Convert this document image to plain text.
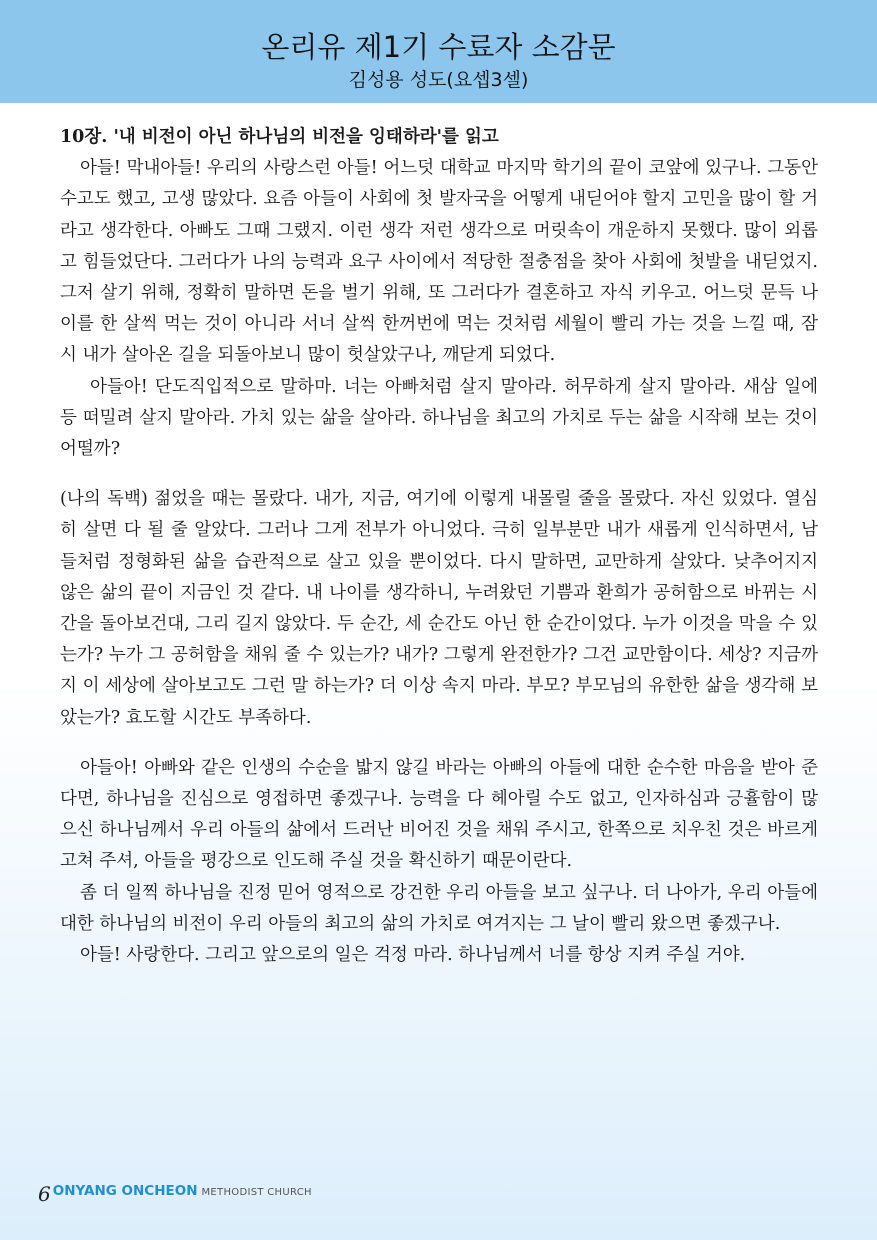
온리유 제1기 수료자 소감문
김성용 성도(요셉3셀)

10장. '내 비전이 아닌 하나님의 비전을 잉태하라'를 읽고

아들! 막내아들! 우리의 사랑스런 아들! 어느덧 대학교 마지막 학기의 끝이 코앞에 있구나. 그동안 수고도 했고, 고생 많았다. 요즘 아들이 사회에 첫 발자국을 어떻게 내딛어야 할지 고민을 많이 할 거라고 생각한다. 아빠도 그때 그랬지. 이런 생각 저런 생각으로 머릿속이 개운하지 못했다. 많이 외롭고 힘들었단다. 그러다가 나의 능력과 요구 사이에서 적당한 절충점을 찾아 사회에 첫발을 내딛었지. 그저 살기 위해, 정확히 말하면 돈을 벌기 위해, 또 그러다가 결혼하고 자식 키우고. 어느덧 문득 나이를 한 살씩 먹는 것이 아니라 서너 살씩 한꺼번에 먹는 것처럼 세월이 빨리 가는 것을 느낄 때, 잠시 내가 살아온 길을 되돌아보니 많이 헛살았구나, 깨닫게 되었다.

아들아! 단도직입적으로 말하마. 너는 아빠처럼 살지 말아라. 허무하게 살지 말아라. 새삼 일에 등 떠밀려 살지 말아라. 가치 있는 삶을 살아라. 하나님을 최고의 가치로 두는 삶을 시작해 보는 것이 어떨까?

(나의 독백) 젊었을 때는 몰랐다. 내가, 지금, 여기에 이렇게 내몰릴 줄을 몰랐다. 자신 있었다. 열심히 살면 다 될 줄 알았다. 그러나 그게 전부가 아니었다. 극히 일부분만 내가 새롭게 인식하면서, 남들처럼 정형화된 삶을 습관적으로 살고 있을 뿐이었다. 다시 말하면, 교만하게 살았다. 낮추어지지 않은 삶의 끝이 지금인 것 같다. 내 나이를 생각하니, 누려왔던 기쁨과 환희가 공허함으로 바뀌는 시간을 돌아보건대, 그리 길지 않았다. 두 순간, 세 순간도 아닌 한 순간이었다. 누가 이것을 막을 수 있는가? 누가 그 공허함을 채워 줄 수 있는가? 내가? 그렇게 완전한가? 그건 교만함이다. 세상? 지금까지 이 세상에 살아보고도 그런 말 하는가? 더 이상 속지 마라. 부모? 부모님의 유한한 삶을 생각해 보았는가? 효도할 시간도 부족하다.

아들아! 아빠와 같은 인생의 수순을 밟지 않길 바라는 아빠의 아들에 대한 순수한 마음을 받아 준다면, 하나님을 진심으로 영접하면 좋겠구나. 능력을 다 헤아릴 수도 없고, 인자하심과 긍휼함이 많으신 하나님께서 우리 아들의 삶에서 드러난 비어진 것을 채워 주시고, 한쪽으로 치우친 것은 바르게 고쳐 주셔, 아들을 평강으로 인도해 주실 것을 확신하기 때문이란다.

좀 더 일찍 하나님을 진정 믿어 영적으로 강건한 우리 아들을 보고 싶구나. 더 나아가, 우리 아들에 대한 하나님의 비전이 우리 아들의 최고의 삶의 가치로 여겨지는 그 날이 빨리 왔으면 좋겠구나.

아들! 사랑한다. 그리고 앞으로의 일은 걱정 마라. 하나님께서 너를 항상 지켜 주실 거야.

6 ONYANG ONCHEON METHODIST CHURCH
